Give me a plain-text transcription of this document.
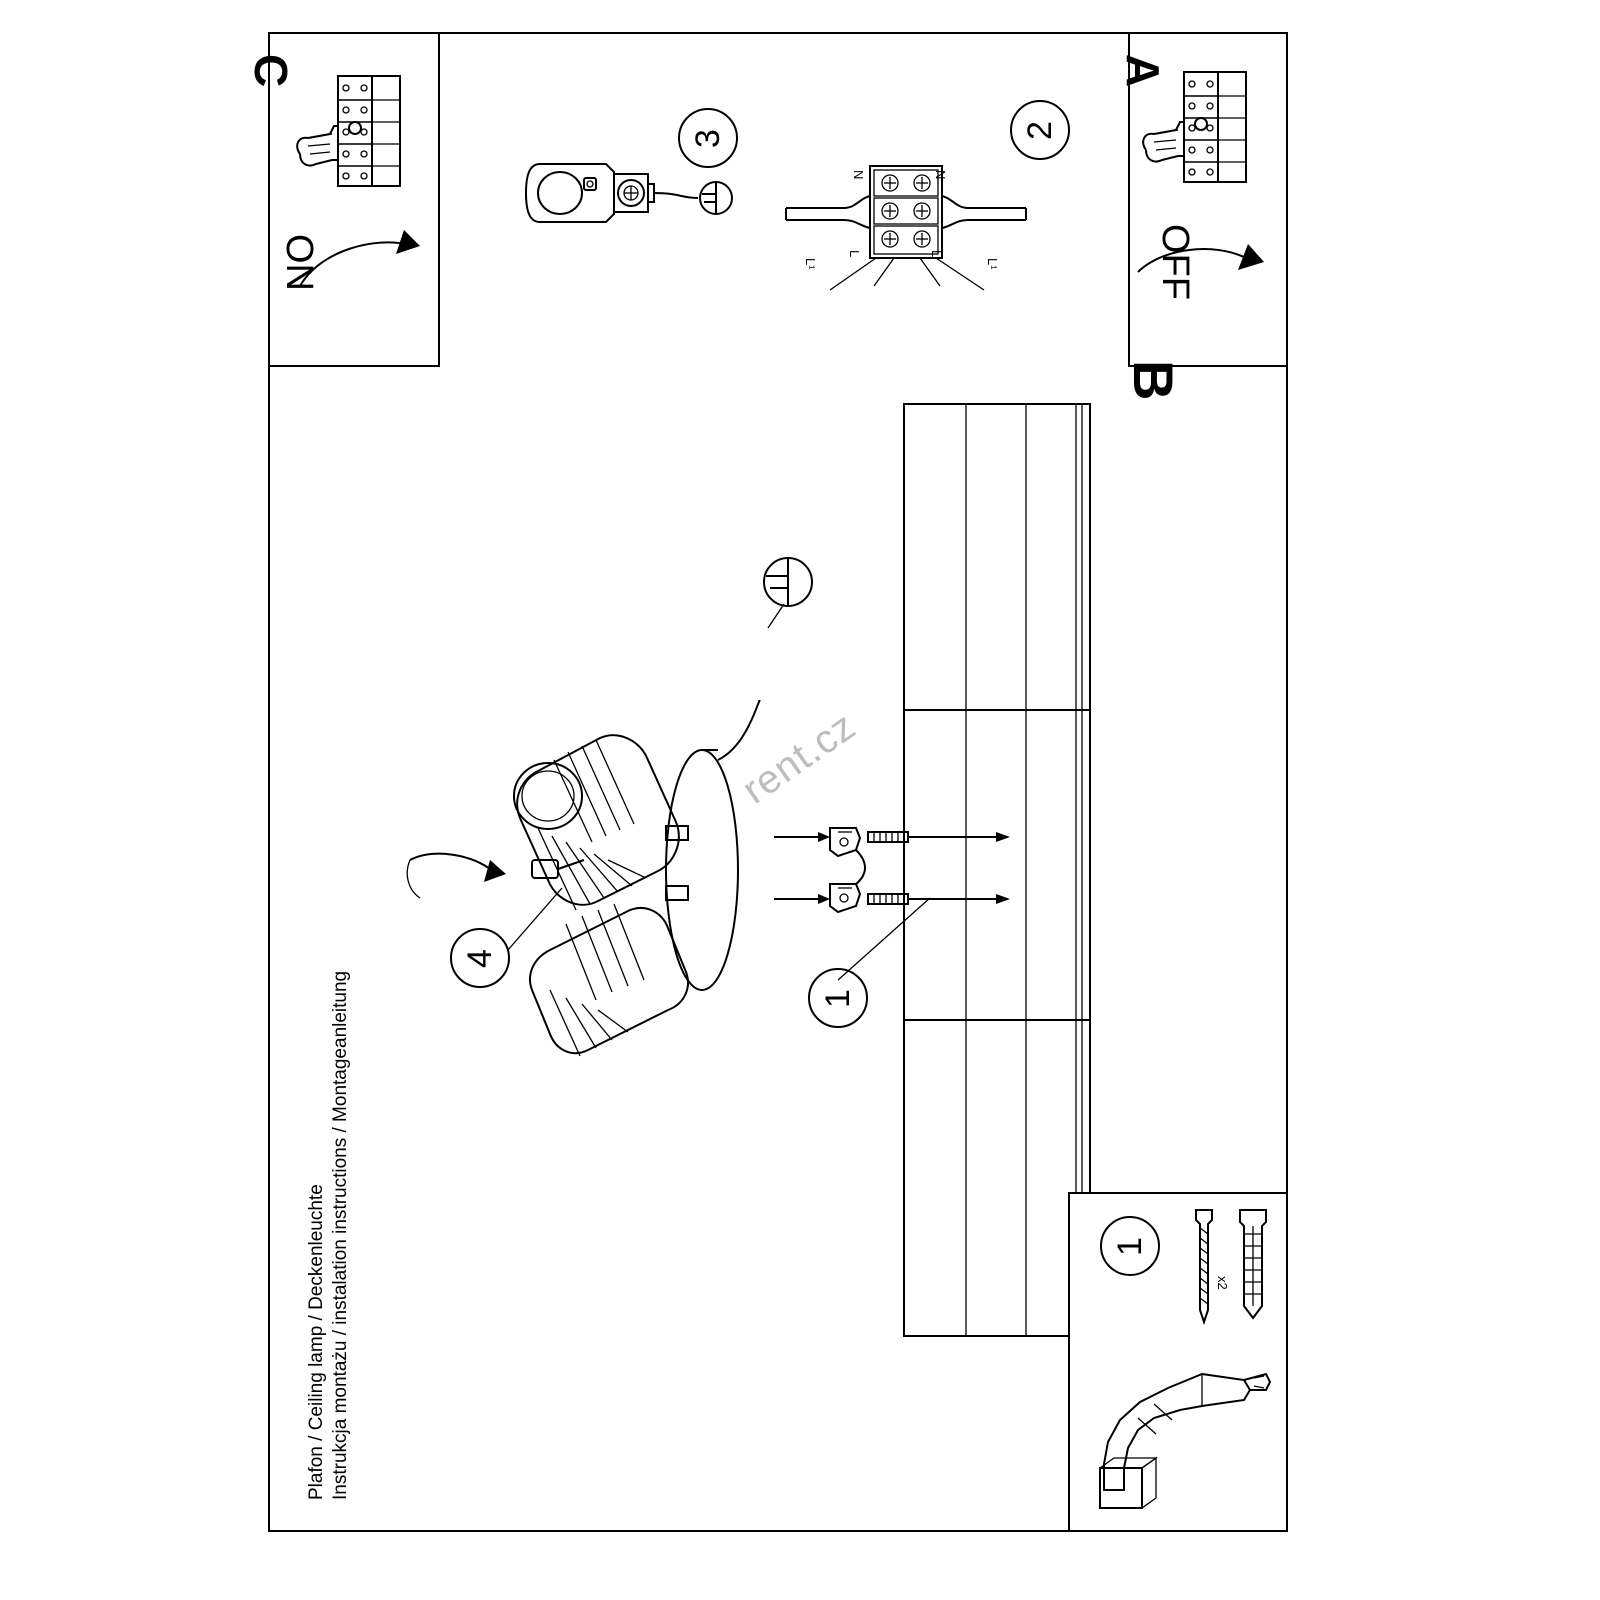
C
ON
A
OFF
B
2
N	N
L¹
L	L
L¹
3
4
1
1
x2
Instrukcja montażu / instalation instructions / Montageanleitung
Plafon / Ceiling lamp / Deckenleuchte
rent.cz
